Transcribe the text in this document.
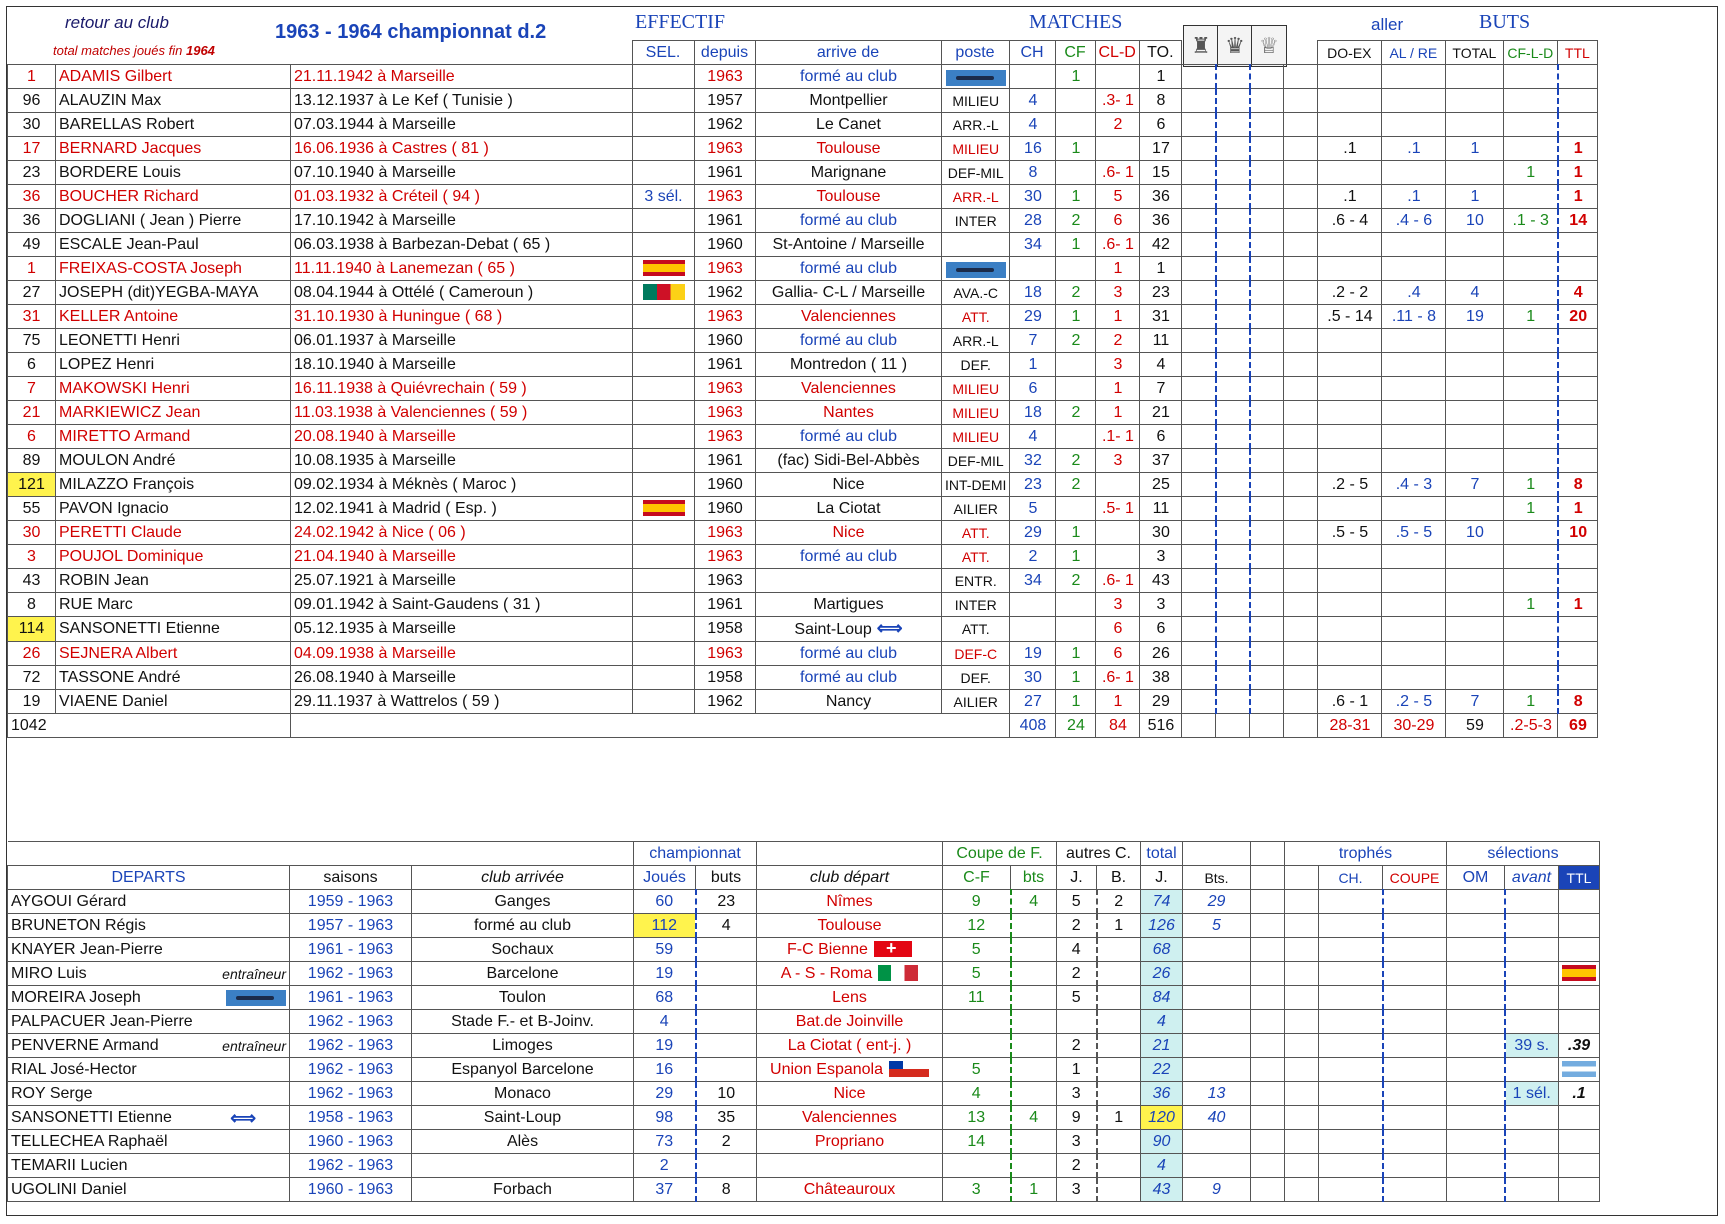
retour au club
total matches joués fin 1964
1963 - 1964 championnat d.2	EFFECTIF	MATCHES
♜ ♛ ♕
aller	BUTS
			SEL.	depuis	arrive de	poste	CH	CF	CL-D	TO.					DO-EX	AL / RE	TOTAL	CF-L-D	TTL
1	ADAMIS Gilbert	21.11.1942 à Marseille		1963	formé au club			1		1									
96	ALAUZIN Max	13.12.1937 à Le Kef ( Tunisie )		1957	Montpellier	MILIEU	4		.3- 1	8									
30	BARELLAS Robert	07.03.1944 à Marseille		1962	Le Canet	ARR.-L	4		2	6									
17	BERNARD Jacques	16.06.1936 à Castres ( 81 )		1963	Toulouse	MILIEU	16	1		17					.1	.1	1		1
23	BORDERE Louis	07.10.1940 à Marseille		1961	Marignane	DEF-MIL	8		.6- 1	15								1	1
36	BOUCHER Richard	01.03.1932 à Créteil ( 94 )	3 sél.	1963	Toulouse	ARR.-L	30	1	5	36					.1	.1	1		1
36	DOGLIANI ( Jean ) Pierre	17.10.1942 à Marseille		1961	formé au club	INTER	28	2	6	36					.6 - 4	.4 - 6	10	.1 - 3	14
49	ESCALE Jean-Paul	06.03.1938 à Barbezan-Debat ( 65 )		1960	St-Antoine / Marseille		34	1	.6- 1	42									
1	FREIXAS-COSTA Joseph	11.11.1940 à Lanemezan ( 65 )		1963	formé au club				1	1									
27	JOSEPH (dit)YEGBA-MAYA	08.04.1944 à Ottélé ( Cameroun )		1962	Gallia- C-L / Marseille	AVA.-C	18	2	3	23					.2 - 2	.4	4		4
31	KELLER Antoine	31.10.1930 à Huningue ( 68 )		1963	Valenciennes	ATT.	29	1	1	31					.5 - 14	.11 - 8	19	1	20
75	LEONETTI Henri	06.01.1937 à Marseille		1960	formé au club	ARR.-L	7	2	2	11									
6	LOPEZ Henri	18.10.1940 à Marseille		1961	Montredon ( 11 )	DEF.	1		3	4									
7	MAKOWSKI Henri	16.11.1938 à Quiévrechain ( 59 )		1963	Valenciennes	MILIEU	6		1	7									
21	MARKIEWICZ Jean	11.03.1938 à Valenciennes ( 59 )		1963	Nantes	MILIEU	18	2	1	21									
6	MIRETTO Armand	20.08.1940 à Marseille		1963	formé au club	MILIEU	4		.1- 1	6									
89	MOULON André	10.08.1935 à Marseille		1961	(fac) Sidi-Bel-Abbès	DEF-MIL	32	2	3	37									
121	MILAZZO François	09.02.1934 à Méknès ( Maroc )		1960	Nice	INT-DEMI	23	2		25					.2 - 5	.4 - 3	7	1	8
55	PAVON Ignacio	12.02.1941 à Madrid ( Esp. )		1960	La Ciotat	AILIER	5		.5- 1	11								1	1
30	PERETTI Claude	24.02.1942 à Nice ( 06 )		1963	Nice	ATT.	29	1		30					.5 - 5	.5 - 5	10		10
3	POUJOL Dominique	21.04.1940 à Marseille		1963	formé au club	ATT.	2	1		3									
43	ROBIN Jean	25.07.1921 à Marseille		1963		ENTR.	34	2	.6- 1	43									
8	RUE Marc	09.01.1942 à Saint-Gaudens ( 31 )		1961	Martigues	INTER			3	3								1	1
114	SANSONETTI Etienne	05.12.1935 à Marseille		1958	Saint-Loup ⟺	ATT.			6	6									
26	SEJNERA Albert	04.09.1938 à Marseille		1963	formé au club	DEF-C	19	1	6	26									
72	TASSONE André	26.08.1940 à Marseille		1958	formé au club	DEF.	30	1	.6- 1	38									
19	VIAENE Daniel	29.11.1937 à Wattrelos ( 59 )		1962	Nancy	AILIER	27	1	1	29					.6 - 1	.2 - 5	7	1	8
1042							408	24	84	516					28-31	30-29	59	.2-5-3	69
			championnat			Coupe de F.		autres C.		total			trophés			sélections		
DEPARTS	saisons	club arrivée	Joués	buts	club départ	C-F	bts	J.	B.	J.	Bts.			CH.	COUPE	OM	avant	TTL
AYGOUI Gérard	1959 - 1963	Ganges	60	23	Nîmes	9	4	5	2	74	29							
BRUNETON Régis	1957 - 1963	formé au club	112	4	Toulouse	12		2	1	126	5							
KNAYER Jean-Pierre	1961 - 1963	Sochaux	59		F-C Bienne+	5		4		68								
MIRO Luis entraîneur	1962 - 1963	Barcelone	19		A - S - Roma	5		2		26								
MOREIRA Joseph	1961 - 1963	Toulon	68		Lens	11		5		84								
PALPACUER Jean-Pierre	1962 - 1963	Stade F.- et B-Joinv.	4		Bat.de Joinville					4								
PENVERNE Armand entraîneur	1962 - 1963	Limoges	19		La Ciotat ( ent-j. )			2		21							39 s.	.39
RIAL José-Hector	1962 - 1963	Espanyol Barcelone	16		Union Espanola	5		1		22								
ROY Serge	1962 - 1963	Monaco	29	10	Nice	4		3		36	13						1 sél.	.1
SANSONETTI Etienne ⟺	1958 - 1963	Saint-Loup	98	35	Valenciennes	13	4	9	1	120	40							
TELLECHEA Raphaël	1960 - 1963	Alès	73	2	Propriano	14		3		90								
TEMARII Lucien	1962 - 1963		2					2		4								
UGOLINI Daniel	1960 - 1963	Forbach	37	8	Châteauroux	3	1	3		43	9							
